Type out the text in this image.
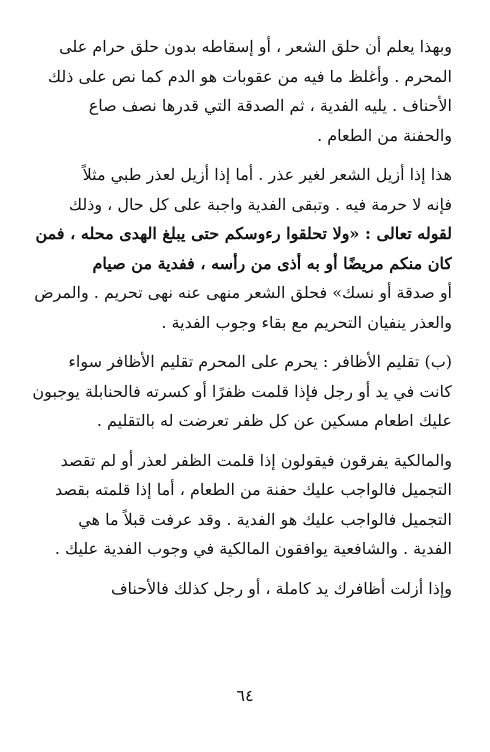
وبهذا يعلم أن حلق الشعر ، أو إسقاطه بدون حلق حرام على
المحرم . وأغلظ ما فيه من عقوبات هو الدم كما نص على ذلك
الأحناف . يليه الفدية ، ثم الصدقة التي قدرها نصف صاع
والحفنة من الطعام .

هذا إذا أزيل الشعر لغير عذر . أما إذا أزيل لعذر طبي مثلاً
فإنه لا حرمة فيه . وتبقى الفدية واجبة على كل حال ، وذلك
لقوله تعالى : «ولا تحلقوا رءوسكم حتى يبلغ الهدى محله ، فمن
كان منكم مريضًا أو به أذى من رأسه ، ففدية من صيام
أو صدقة أو نسك» فحلق الشعر منهى عنه نهى تحريم . والمرض
والعذر ينفيان التحريم مع بقاء وجوب الفدية .

(ب) تقليم الأظافر : يحرم على المحرم تقليم الأظافر سواء
كانت في يد أو رجل فإذا قلمت ظفرًا أو كسرته فالحنابلة يوجبون
عليك اطعام مسكين عن كل ظفر تعرضت له بالتقليم .

والمالكية يفرقون فيقولون إذا قلمت الظفر لعذر أو لم تقصد
التجميل فالواجب عليك حفنة من الطعام ، أما إذا قلمته بقصد
التجميل فالواجب عليك هو الفدية . وقد عرفت قبلاً ما هي
الفدية . والشافعية يوافقون المالكية في وجوب الفدية عليك .

وإذا أزلت أظافرك يد كاملة ، أو رجل كذلك فالأحناف

٦٤
